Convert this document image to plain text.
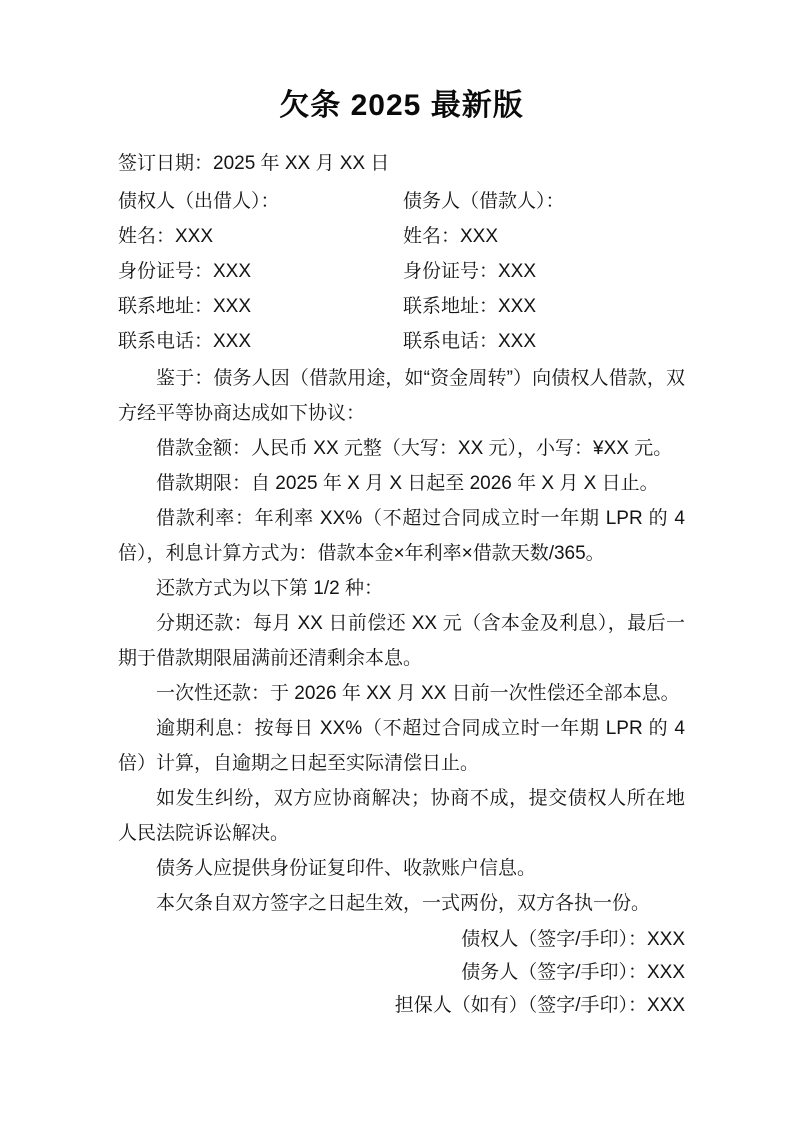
欠条 2025 最新版

签订日期：2025 年 XX 月 XX 日

债权人（出借人）：

姓名：XXX

身份证号：XXX

联系地址：XXX

联系电话：XXX

债务人（借款人）：

姓名：XXX

身份证号：XXX

联系地址：XXX

联系电话：XXX

鉴于：债务人因（借款用途，如“资金周转”）向债权人借款，双方经平等协商达成如下协议：

借款金额：人民币 XX 元整（大写：XX 元），小写：¥XX 元。

借款期限：自 2025 年 X 月 X 日起至 2026 年 X 月 X 日止。

借款利率：年利率 XX%（不超过合同成立时一年期 LPR 的 4 倍），利息计算方式为：借款本金×年利率×借款天数/365。

还款方式为以下第 1/2 种：

分期还款：每月 XX 日前偿还 XX 元（含本金及利息），最后一期于借款期限届满前还清剩余本息。

一次性还款：于 2026 年 XX 月 XX 日前一次性偿还全部本息。

逾期利息：按每日 XX%（不超过合同成立时一年期 LPR 的 4 倍）计算，自逾期之日起至实际清偿日止。

如发生纠纷，双方应协商解决；协商不成，提交债权人所在地人民法院诉讼解决。

债务人应提供身份证复印件、收款账户信息。

本欠条自双方签字之日起生效，一式两份，双方各执一份。

债权人（签字/手印）：XXX

债务人（签字/手印）：XXX

担保人（如有）（签字/手印）：XXX
